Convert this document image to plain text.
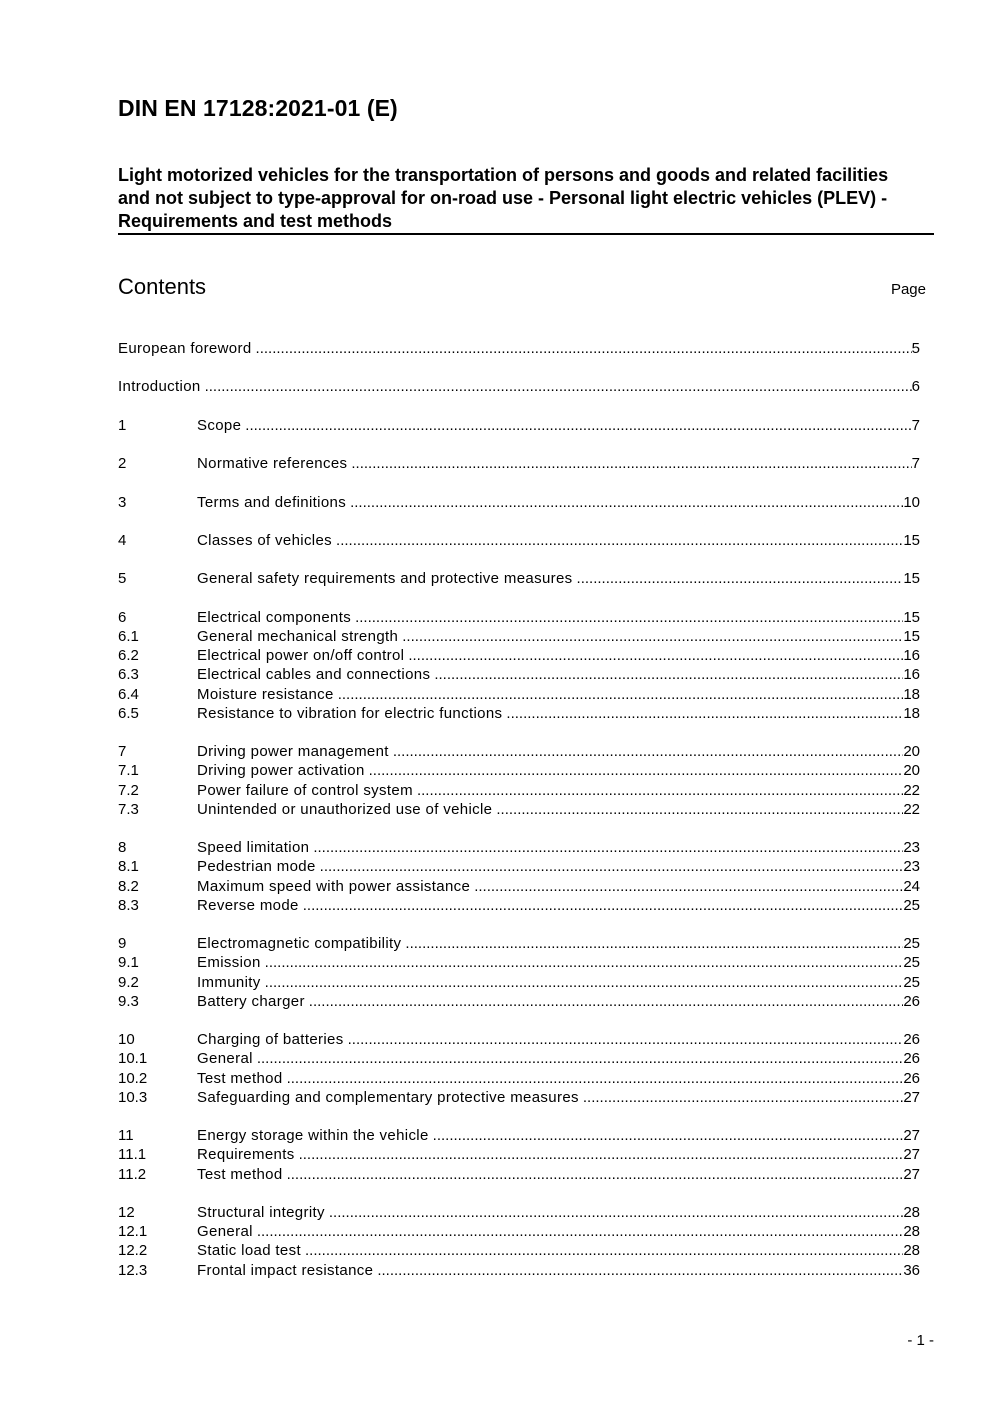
DIN EN 17128:2021-01 (E)
Light motorized vehicles for the transportation of persons and goods and related facilities and not subject to type-approval for on-road use - Personal light electric vehicles (PLEV) - Requirements and test methods
Contents	Page
European foreword .....	5
Introduction .....	6
1	Scope .....	7
2	Normative references .....	7
3	Terms and definitions .....	10
4	Classes of vehicles .....	15
5	General safety requirements and protective measures .....	15
6	Electrical components .....	15
6.1	General mechanical strength .....	15
6.2	Electrical power on/off control .....	16
6.3	Electrical cables and connections .....	16
6.4	Moisture resistance .....	18
6.5	Resistance to vibration for electric functions .....	18
7	Driving power management .....	20
7.1	Driving power activation .....	20
7.2	Power failure of control system .....	22
7.3	Unintended or unauthorized use of vehicle .....	22
8	Speed limitation .....	23
8.1	Pedestrian mode .....	23
8.2	Maximum speed with power assistance .....	24
8.3	Reverse mode .....	25
9	Electromagnetic compatibility .....	25
9.1	Emission .....	25
9.2	Immunity .....	25
9.3	Battery charger .....	26
10	Charging of batteries .....	26
10.1	General .....	26
10.2	Test method .....	26
10.3	Safeguarding and complementary protective measures .....	27
11	Energy storage within the vehicle .....	27
11.1	Requirements .....	27
11.2	Test method .....	27
12	Structural integrity .....	28
12.1	General .....	28
12.2	Static load test .....	28
12.3	Frontal impact resistance .....	36
- 1 -
